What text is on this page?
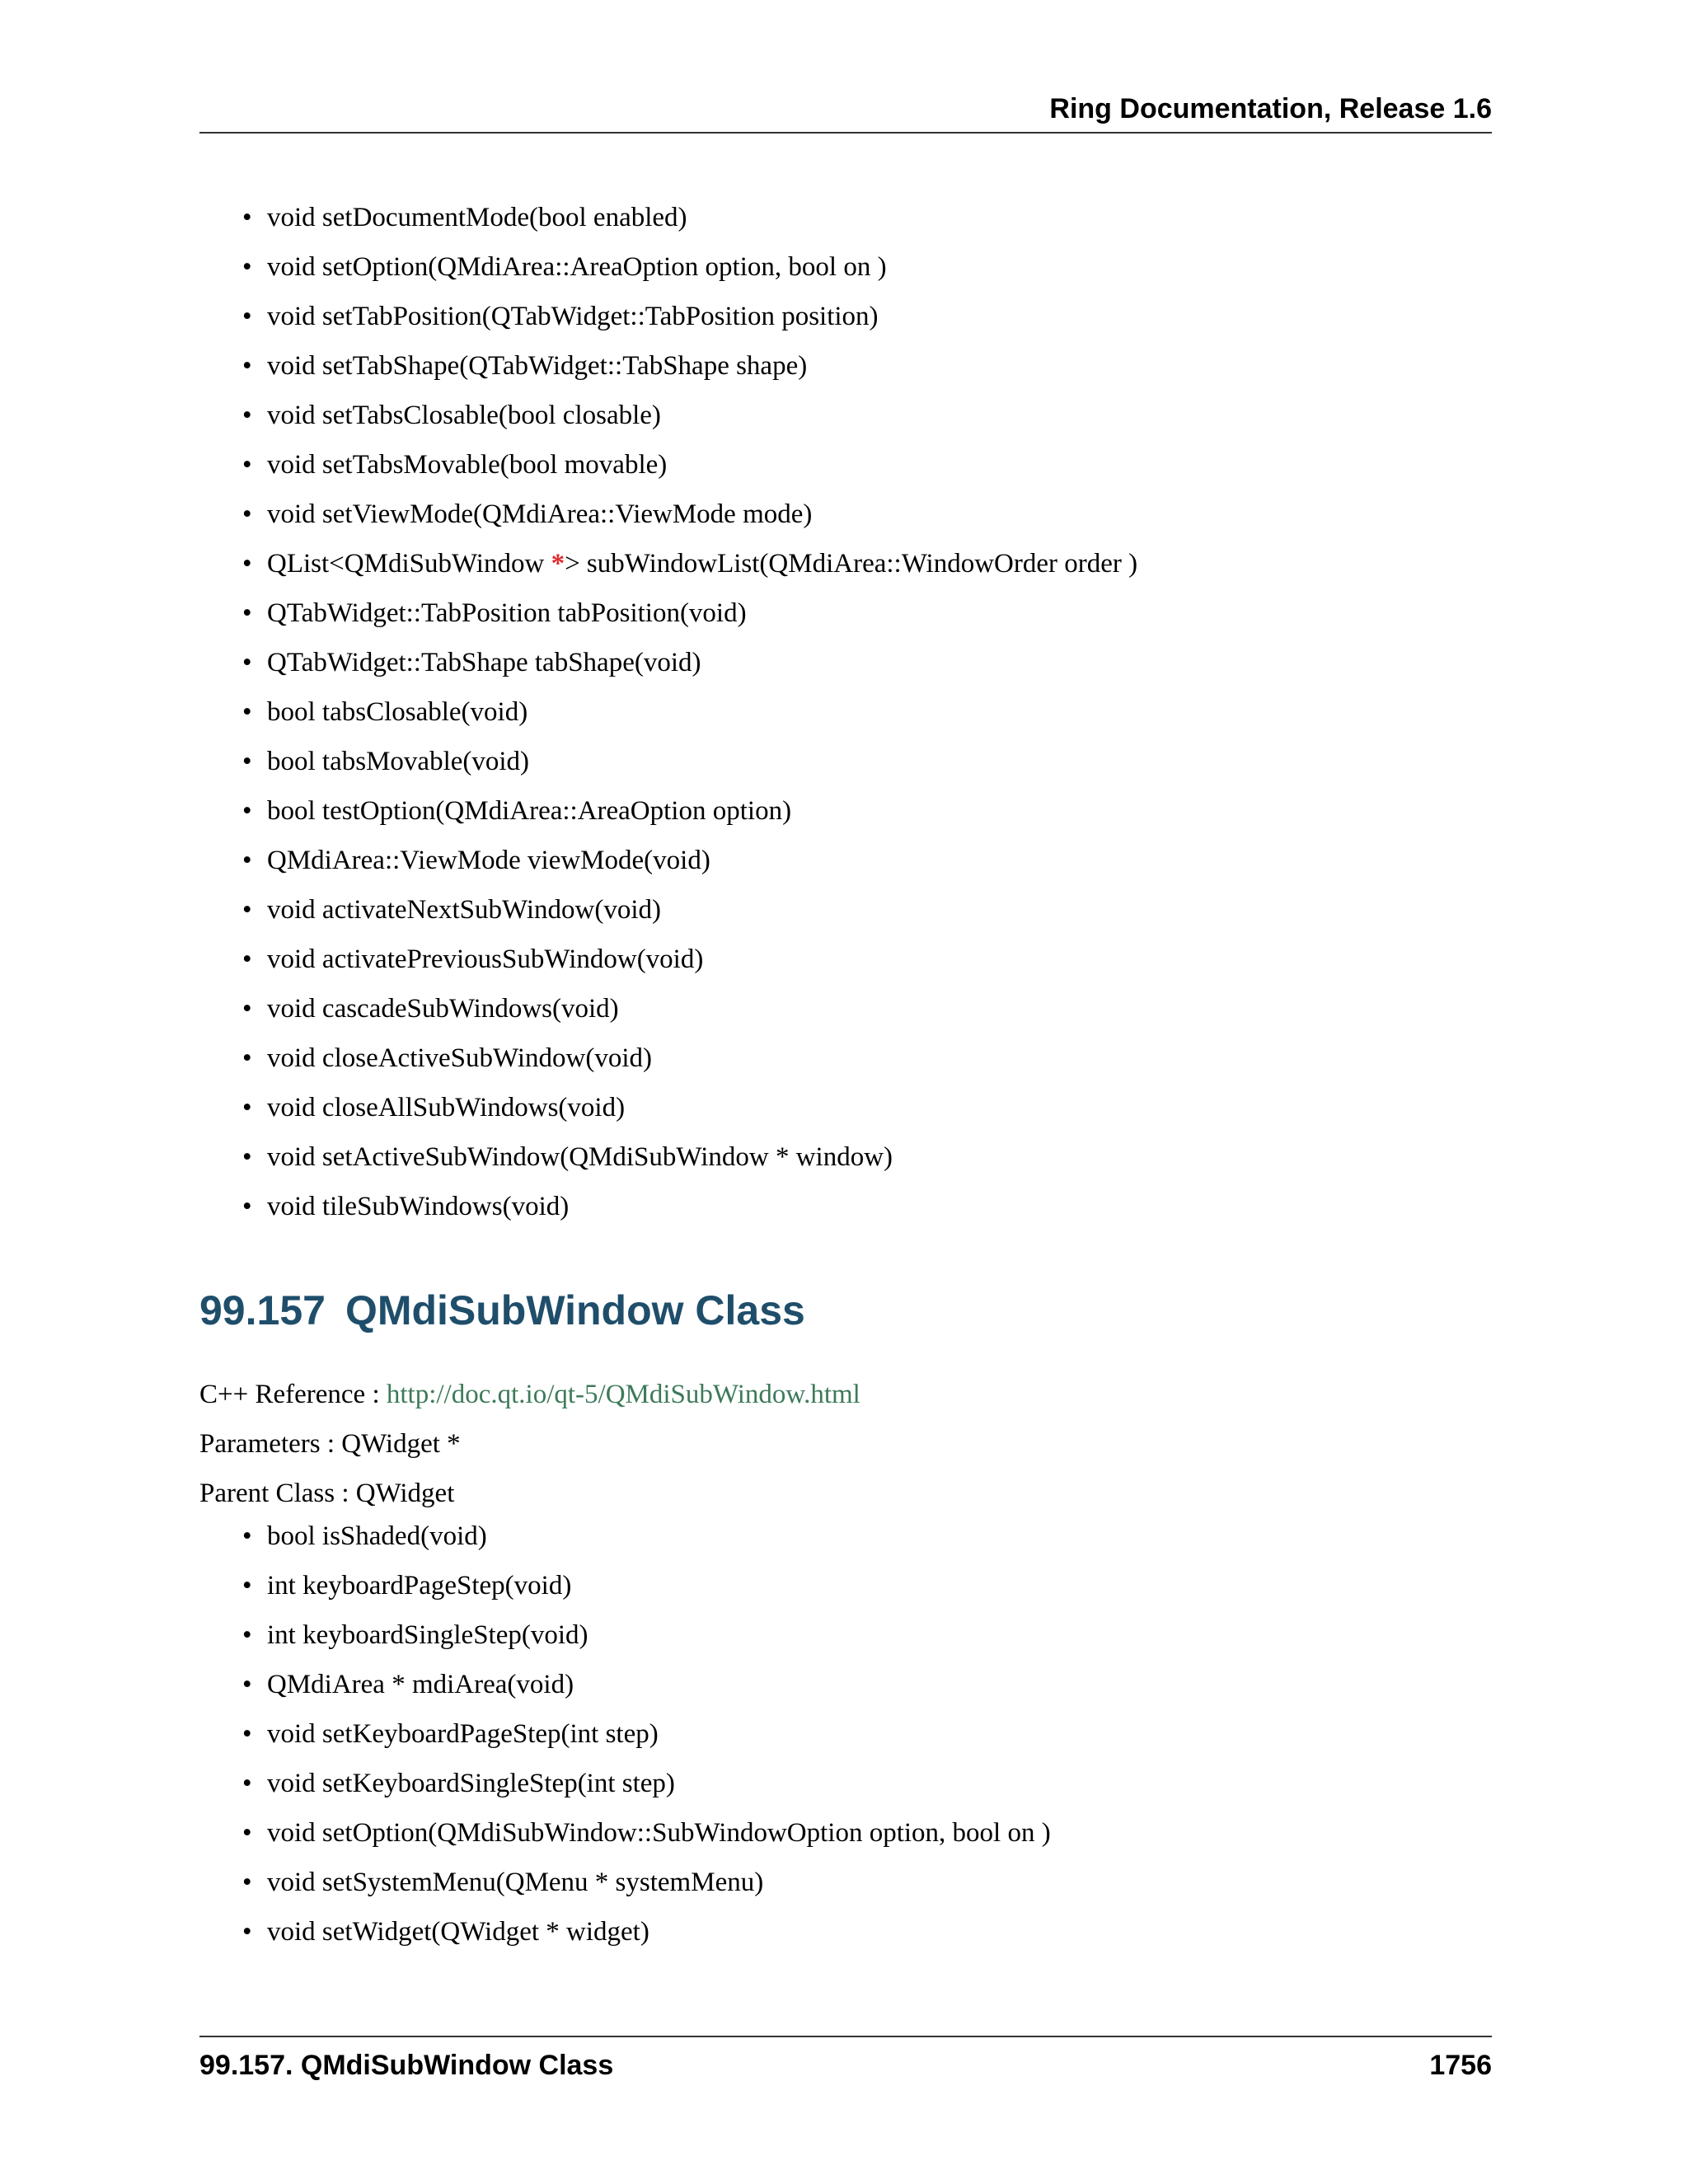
Ring Documentation, Release 1.6
• void setDocumentMode(bool enabled)
• void setOption(QMdiArea::AreaOption option, bool on )
• void setTabPosition(QTabWidget::TabPosition position)
• void setTabShape(QTabWidget::TabShape shape)
• void setTabsClosable(bool closable)
• void setTabsMovable(bool movable)
• void setViewMode(QMdiArea::ViewMode mode)
• QList<QMdiSubWindow *> subWindowList(QMdiArea::WindowOrder order )
• QTabWidget::TabPosition tabPosition(void)
• QTabWidget::TabShape tabShape(void)
• bool tabsClosable(void)
• bool tabsMovable(void)
• bool testOption(QMdiArea::AreaOption option)
• QMdiArea::ViewMode viewMode(void)
• void activateNextSubWindow(void)
• void activatePreviousSubWindow(void)
• void cascadeSubWindows(void)
• void closeActiveSubWindow(void)
• void closeAllSubWindows(void)
• void setActiveSubWindow(QMdiSubWindow * window)
• void tileSubWindows(void)
• bool isShaded(void)
• int keyboardPageStep(void)
• int keyboardSingleStep(void)
• QMdiArea * mdiArea(void)
• void setKeyboardPageStep(int step)
• void setKeyboardSingleStep(int step)
• void setOption(QMdiSubWindow::SubWindowOption option, bool on )
• void setSystemMenu(QMenu * systemMenu)
• void setWidget(QWidget * widget)
99.157 QMdiSubWindow Class
C++ Reference : http://doc.qt.io/qt-5/QMdiSubWindow.html
Parameters : QWidget *
Parent Class : QWidget
99.157. QMdiSubWindow Class	1756
